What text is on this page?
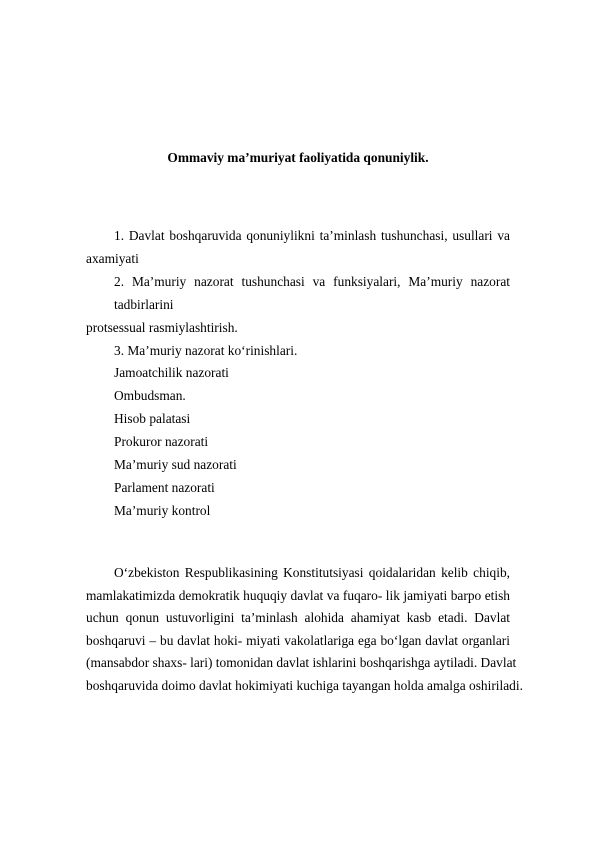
Ommaviy ma’muriyat faoliyatida qonuniylik.
1. Davlat boshqaruvida qonuniylikni ta’minlash tushunchasi, usullari va
axamiyati
2. Ma’muriy nazorat tushunchasi va funksiyalari, Ma’muriy nazorat tadbirlarini
protsessual rasmiylashtirish.
3. Ma’muriy nazorat ko‘rinishlari.
Jamoatchilik nazorati
Ombudsman.
Hisob palatasi
Prokuror nazorati
Ma’muriy sud nazorati
Parlament nazorati
Ma’muriy kontrol
O‘zbekiston Respublikasining Konstitutsiyasi qoidalaridan kelib chiqib,
mamlakatimizda demokratik huquqiy davlat va fuqaro- lik jamiyati barpo etish
uchun qonun ustuvorligini ta’minlash alohida ahamiyat kasb etadi. Davlat
boshqaruvi – bu davlat hoki- miyati vakolatlariga ega bo‘lgan davlat organlari
(mansabdor shaxs- lari) tomonidan davlat ishlarini boshqarishga aytiladi. Davlat
boshqaruvida doimo davlat hokimiyati kuchiga tayangan holda amalga oshiriladi.
